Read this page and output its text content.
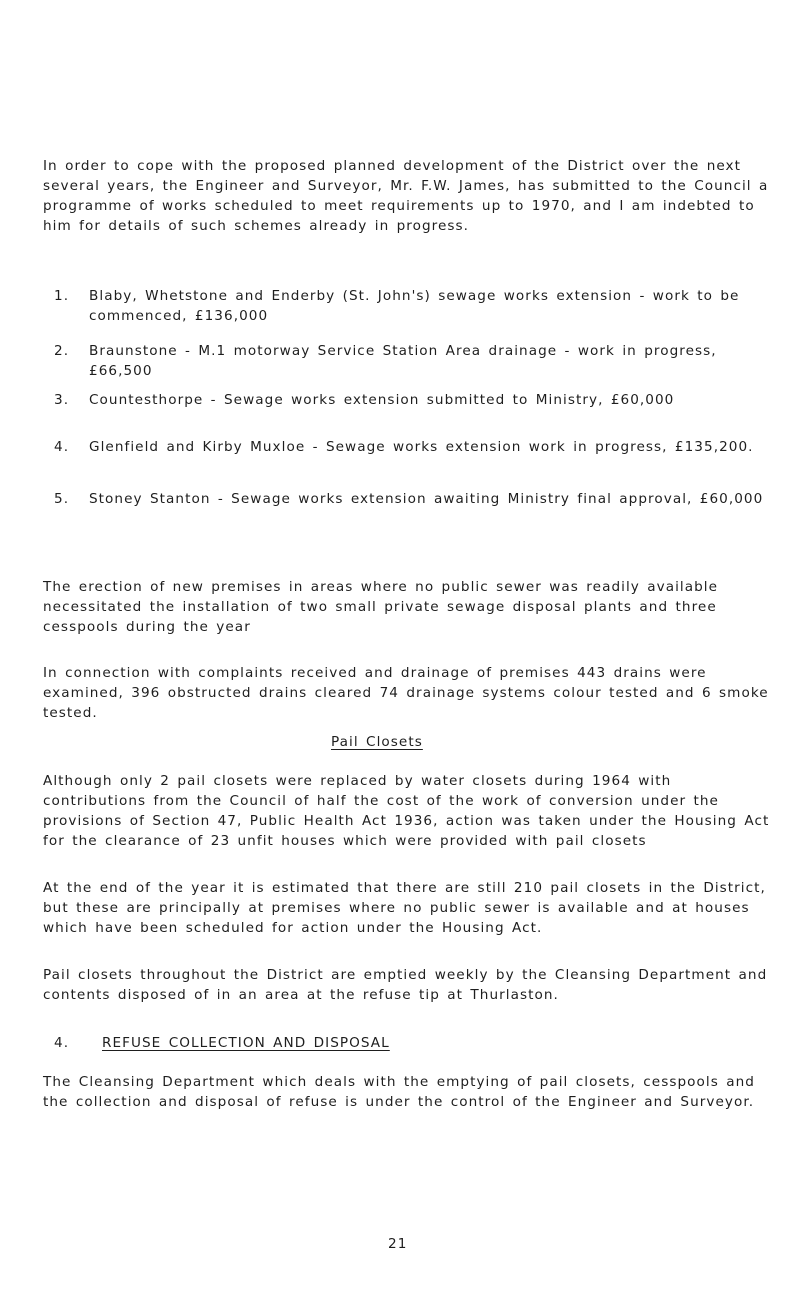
In order to cope with the proposed planned development of the District over the next several years, the Engineer and Surveyor, Mr. F.W. James, has submitted to the Council a programme of works scheduled to meet requirements up to 1970, and I am indebted to him for details of such schemes already in progress.

1. Blaby, Whetstone and Enderby (St. John's) sewage works extension - work to be commenced, £136,000
2. Braunstone - M.1 motorway Service Station Area drainage - work in progress, £66,500
3. Countesthorpe - Sewage works extension submitted to Ministry, £60,000
4. Glenfield and Kirby Muxloe - Sewage works extension work in progress, £135,200.
5. Stoney Stanton - Sewage works extension awaiting Ministry final approval, £60,000

The erection of new premises in areas where no public sewer was readily available necessitated the installation of two small private sewage disposal plants and three cesspools during the year

In connection with complaints received and drainage of premises 443 drains were examined, 396 obstructed drains cleared 74 drainage systems colour tested and 6 smoke tested.

Pail Closets

Although only 2 pail closets were replaced by water closets during 1964 with contributions from the Council of half the cost of the work of conversion under the provisions of Section 47, Public Health Act 1936, action was taken under the Housing Act for the clearance of 23 unfit houses which were provided with pail closets

At the end of the year it is estimated that there are still 210 pail closets in the District, but these are principally at premises where no public sewer is available and at houses which have been scheduled for action under the Housing Act.

Pail closets throughout the District are emptied weekly by the Cleansing Department and contents disposed of in an area at the refuse tip at Thurlaston.

4. REFUSE COLLECTION AND DISPOSAL

The Cleansing Department which deals with the emptying of pail closets, cesspools and the collection and disposal of refuse is under the control of the Engineer and Surveyor.

21
